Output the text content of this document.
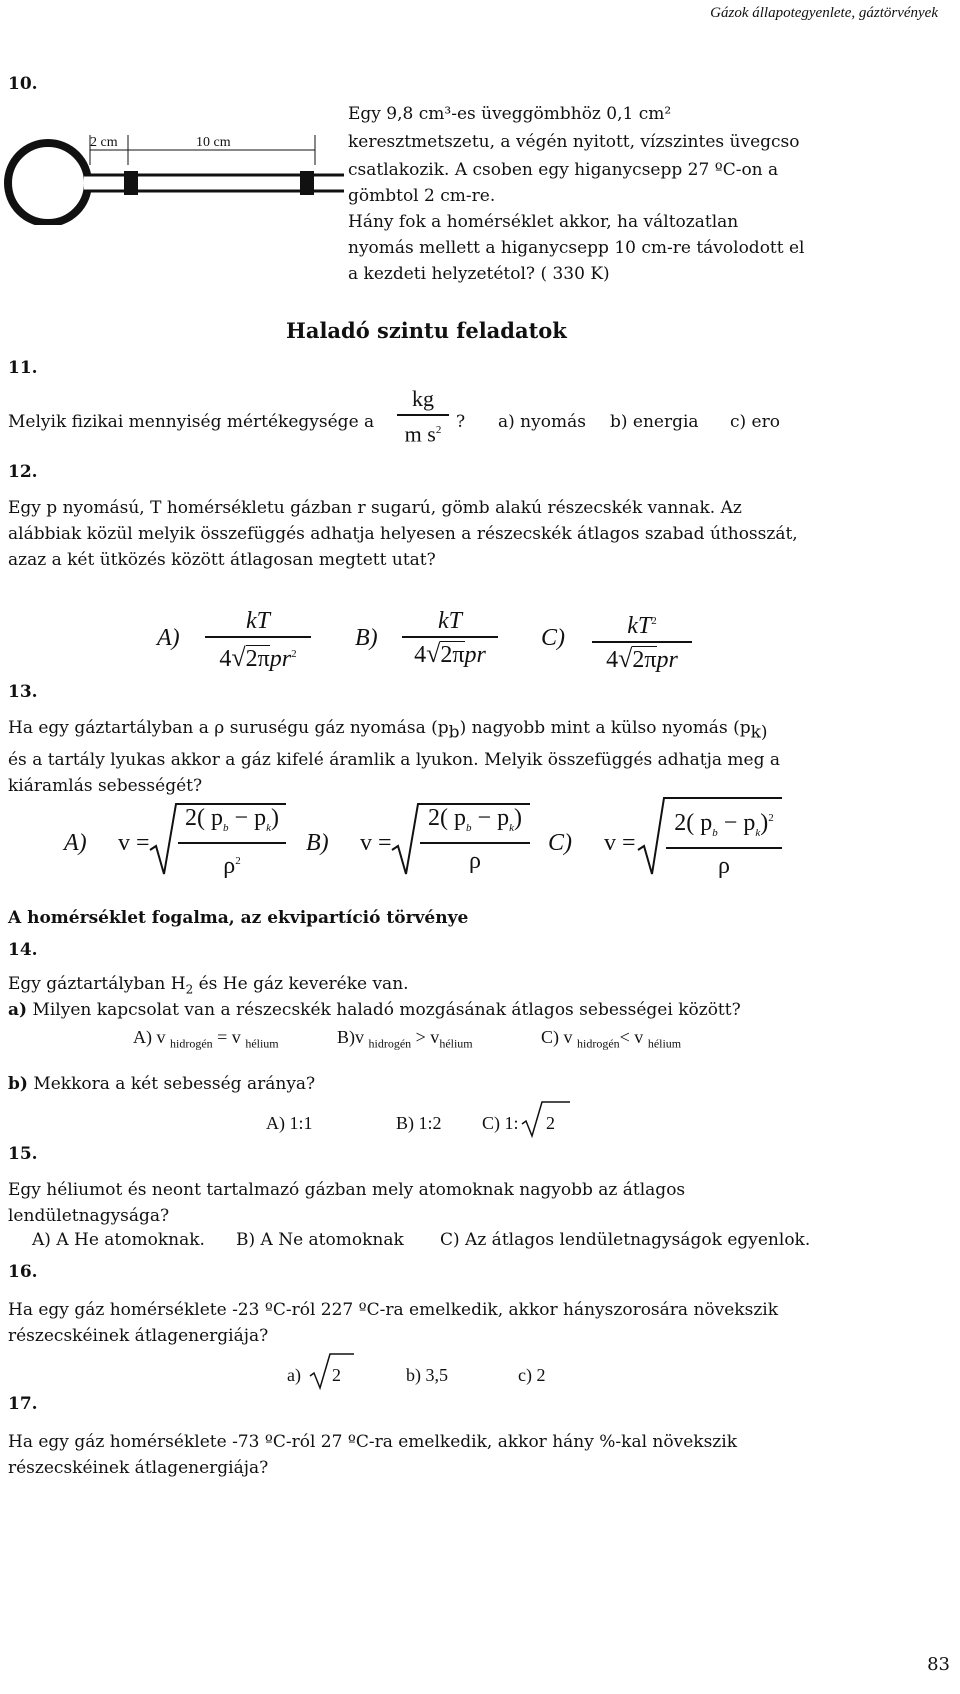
Gázok állapotegyenlete, gáztörvények
10.
2 cm	10 cm
Egy 9,8 cm³-es üveggömbhöz 0,1 cm²
keresztmetszetu, a végén nyitott, vízszintes üvegcso
csatlakozik. A csoben egy higanycsepp 27 ºC-on a
gömbtol 2 cm-re.
Hány fok a homérséklet akkor, ha változatlan
nyomás mellett a higanycsepp 10 cm-re távolodott el
a kezdeti helyzetétol? ( 330 K)
Haladó szintu feladatok
11.
Melyik fizikai mennyiség mértékegysége a
kg
m $s^2$ ? a) nyomás b) energia c) ero
12.
Egy p nyomású, T homérsékletu gázban r sugarú, gömb alakú részecskék vannak. Az
alábbiak közül melyik összefüggés adhatja helyesen a részecskék átlagos szabad úthosszát,
azaz a két ütközés között átlagosan megtett utat?
A)
kT
4√2πpr$^2$
B)
kT
4√2πpr
C)	$kT^2$
4√2πpr
13.
Ha egy gáztartályban a ρ suruségu gáz nyomása $(p_b)$ nagyobb mint a külso nyomás ($p_{k)}$
és a tartály lyukas akkor a gáz kifelé áramlik a lyukon. Melyik összefüggés adhatja meg a
kiáramlás sebességét?
A) v =
2( $p_b - p_k$)
$\rho^2$
B) v =
2( $p_b - p_k$)
ρ
C) v =
2( $p_b - p_k)^2$
ρ
A homérséklet fogalma, az ekvipartíció törvénye
14.
Egy gáztartályban $H_2$ és He gáz keveréke van.
a) Milyen kapcsolat van a részecskék haladó mozgásának átlagos sebességei között?
A) v $_{hidrogén}$ = v $_{hélium}$	B)v $_{hidrogén} > v_{hélium}$	C) v $_{hidrogén}$< v $_{hélium}$
b) Mekkora a két sebesség aránya?
A) 1:1	B) 1:2 C) 1: 2
15.
Egy héliumot és neont tartalmazó gázban mely atomoknak nagyobb az átlagos
lendületnagysága?
A) A He atomoknak. B) A Ne atomoknak C) Az átlagos lendületnagyságok egyenlok.
16.
Ha egy gáz homérséklete -23 ºC-ról 227 ºC-ra emelkedik, akkor hányszorosára növekszik
részecskéinek átlagenergiája?
a) 2	b) 3,5	c) 2
17.
Ha egy gáz homérséklete -73 ºC-ról 27 ºC-ra emelkedik, akkor hány %-kal növekszik
részecskéinek átlagenergiája?
83
